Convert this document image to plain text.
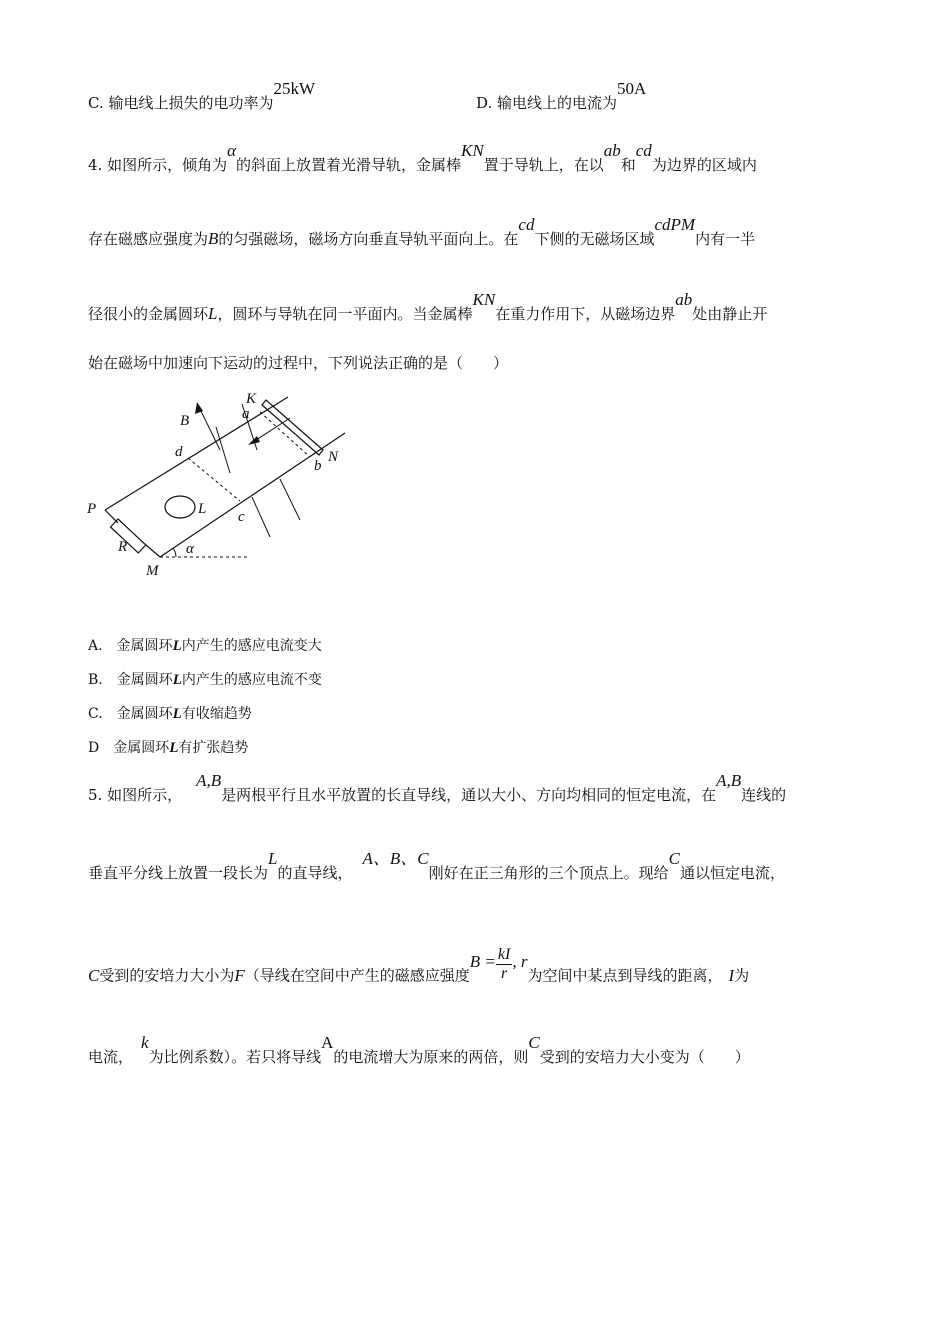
C. 输电线上损失的电功率为25kW
D. 输电线上的电流为50A
4. 如图所示，倾角为α的斜面上放置着光滑导轨，金属棒KN置于导轨上，在以ab和cd为边界的区域内
存在磁感应强度为B的匀强磁场，磁场方向垂直导轨平面向上。在cd下侧的无磁场区域cdPM内有一半
径很小的金属圆环L，圆环与导轨在同一平面内。当金属棒KN在重力作用下，从磁场边界ab处由静止开
始在磁场中加速向下运动的过程中，下列说法正确的是（　　）
B	a
K
d	N
b
P	L c
R	α
M
A.　金属圆环L内产生的感应电流变大
B.　金属圆环L内产生的感应电流不变
C.　金属圆环L有收缩趋势
D　金属圆环L有扩张趋势
5. 如图所示，A,B是两根平行且水平放置的长直导线，通以大小、方向均相同的恒定电流，在A,B连线的
垂直平分线上放置一段长为L的直导线，A、B、C刚好在正三角形的三个顶点上。现给C通以恒定电流，
C受到的安培力大小为F（导线在空间中产生的磁感应强度$B = \frac{kI}{r}$ , r为空间中某点到导线的距离， I为
电流，k为比例系数）。若只将导线A的电流增大为原来的两倍，则C受到的安培力大小变为（　　）
